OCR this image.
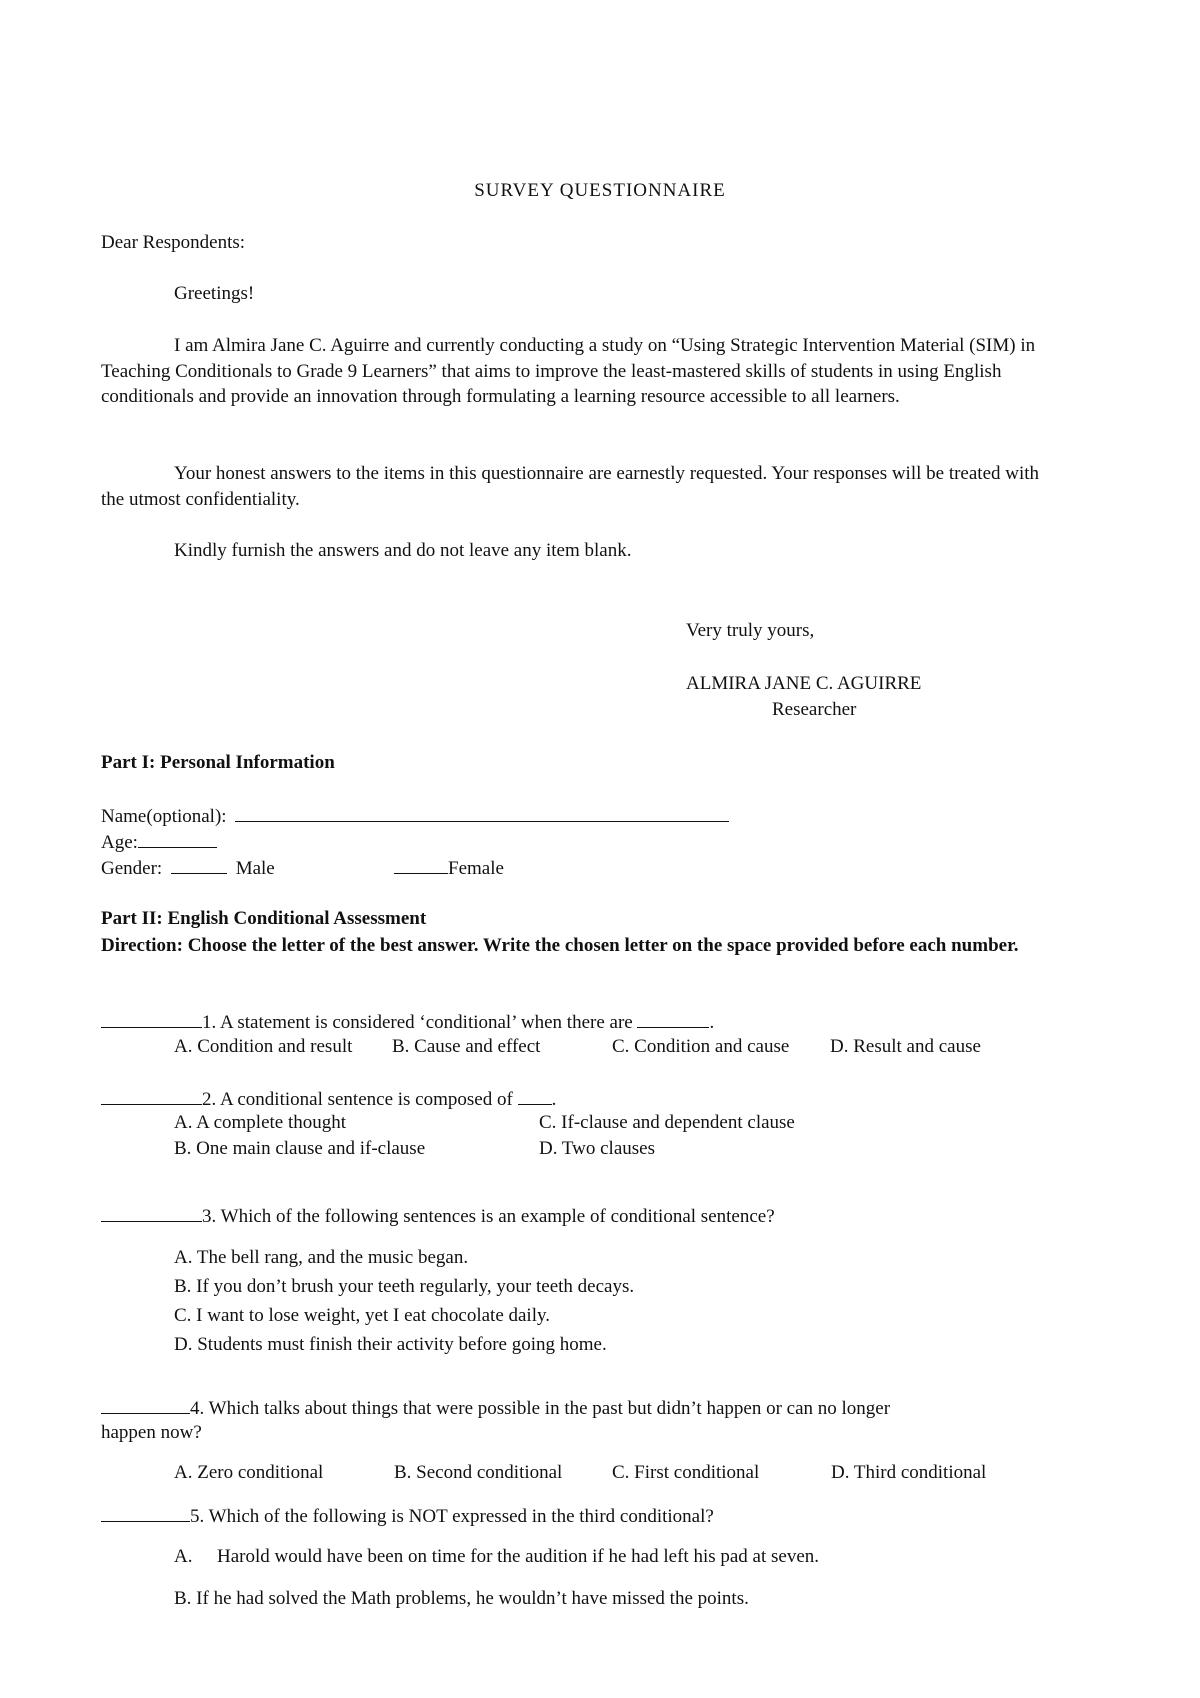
SURVEY QUESTIONNAIRE
Dear Respondents:
Greetings!
I am Almira Jane C. Aguirre and currently conducting a study on “Using Strategic Intervention Material (SIM) in Teaching Conditionals to Grade 9 Learners” that aims to improve the least-mastered skills of students in using English conditionals and provide an innovation through formulating a learning resource accessible to all learners.
Your honest answers to the items in this questionnaire are earnestly requested. Your responses will be treated with the utmost confidentiality.
Kindly furnish the answers and do not leave any item blank.
Very truly yours,
ALMIRA JANE C. AGUIRRE
Researcher
Part I: Personal Information
Name(optional):
Age:
Gender:	Male	Female
Part II: English Conditional Assessment
Direction: Choose the letter of the best answer. Write the chosen letter on the space provided before each number.
1. A statement is considered ‘conditional’ when there are	.
A. Condition and result B. Cause and effect	C. Condition and cause D. Result and cause
2. A conditional sentence is composed of .
A. A complete thought	C. If-clause and dependent clause
B. One main clause and if-clause	D. Two clauses
3. Which of the following sentences is an example of conditional sentence?
A. The bell rang, and the music began.
B. If you don’t brush your teeth regularly, your teeth decays.
C. I want to lose weight, yet I eat chocolate daily.
D. Students must finish their activity before going home.
4. Which talks about things that were possible in the past but didn’t happen or can no longer
happen now?
A. Zero conditional	B. Second conditional	C. First conditional	D. Third conditional
5. Which of the following is NOT expressed in the third conditional?
A. Harold would have been on time for the audition if he had left his pad at seven.
B. If he had solved the Math problems, he wouldn’t have missed the points.
